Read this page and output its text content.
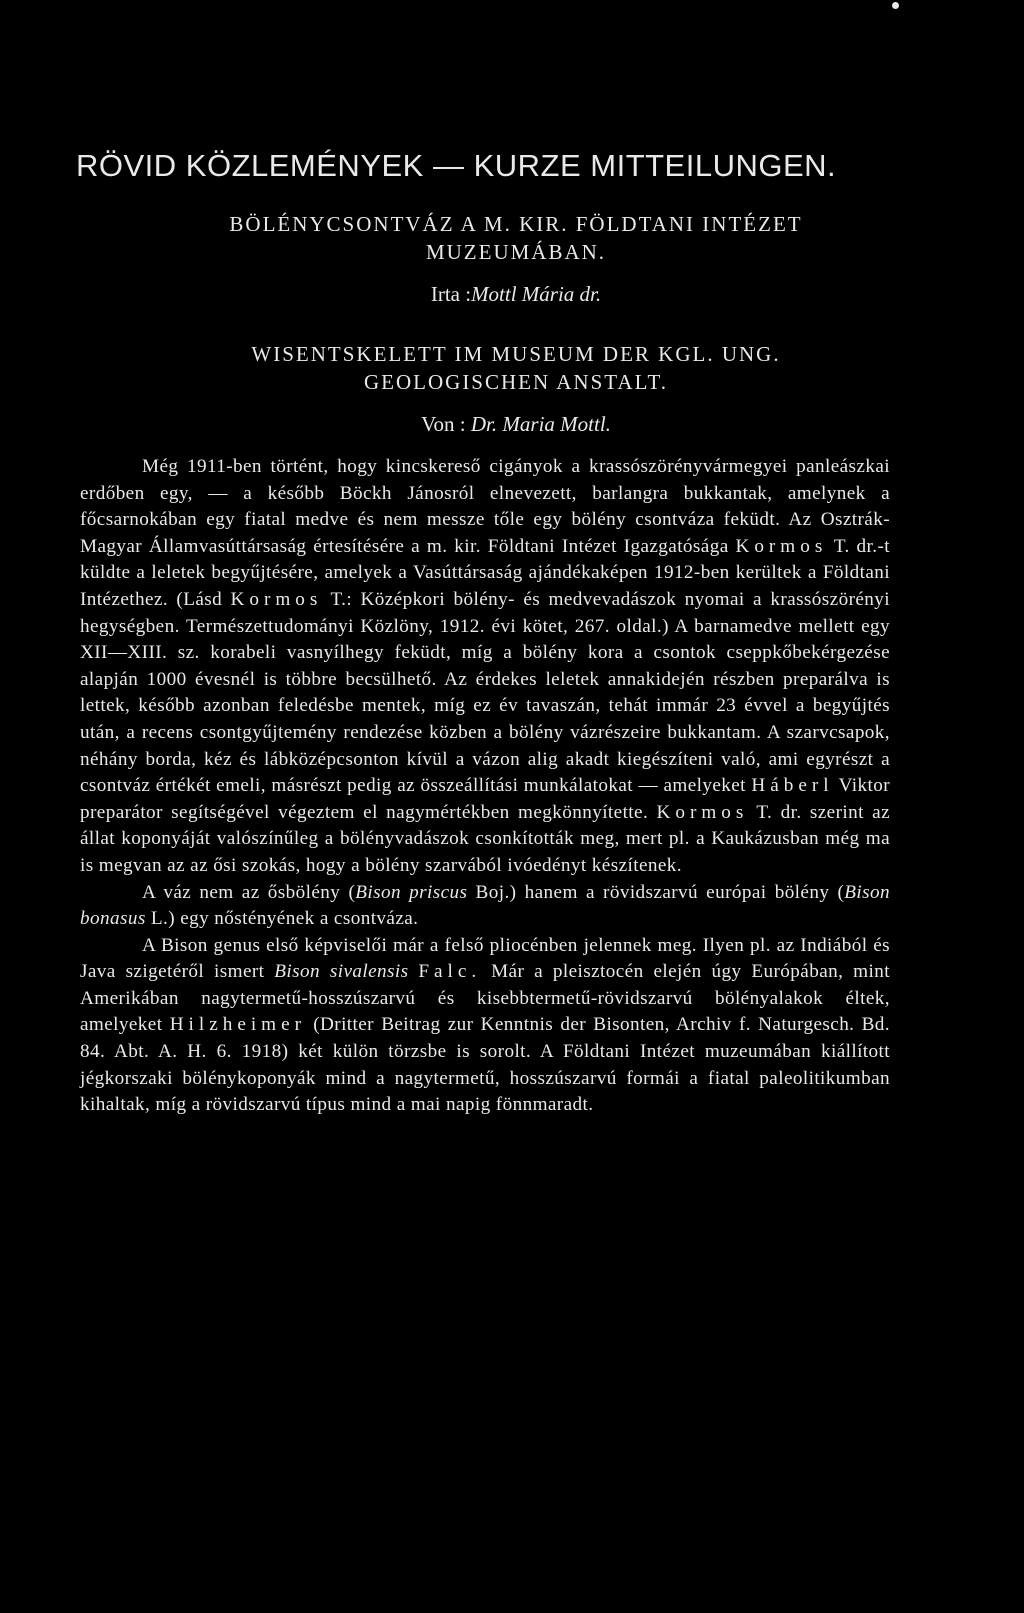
RÖVID KÖZLEMÉNYEK — KURZE MITTEILUNGEN.
BÖLÉNYCSONTVÁZ A M. KIR. FÖLDTANI INTÉZET
MUZEUMÁBAN.
Irta :Mottl Mária dr.
WISENTSKELETT IM MUSEUM DER KGL. UNG.
GEOLOGISCHEN ANSTALT.
Von : Dr. Maria Mottl.

Még 1911-ben történt, hogy kincskereső cigányok a krassószörényvármegyei panleászkai erdőben egy, — a később Böckh Jánosról elnevezett, barlangra bukkantak, amelynek a főcsarnokában egy fiatal medve és nem messze tőle egy bölény csontváza feküdt. Az Osztrák-Magyar Államvasúttársaság értesítésére a m. kir. Földtani Intézet Igazgatósága Kormos T. dr.-t küldte a leletek begyűjtésére, amelyek a Vasúttársaság ajándékaképen 1912-ben kerültek a Földtani Intézethez. (Lásd Kormos T.: Középkori bölény- és medvevadászok nyomai a krassószörényi hegységben. Természettudományi Közlöny, 1912. évi kötet, 267. oldal.) A barnamedve mellett egy XII—XIII. sz. korabeli vasnyílhegy feküdt, míg a bölény kora a csontok cseppkőbekérgezése alapján 1000 évesnél is többre becsülhető. Az érdekes leletek annakidején részben preparálva is lettek, később azonban feledésbe mentek, míg ez év tavaszán, tehát immár 23 évvel a begyűjtés után, a recens csontgyűjtemény rendezése közben a bölény vázrészeire bukkantam. A szarvcsapok, néhány borda, kéz és lábközépcsonton kívül a vázon alig akadt kiegészíteni való, ami egyrészt a csontváz értékét emeli, másrészt pedig az összeállítási munkálatokat — amelyeket Háberl Viktor preparátor segítségével végeztem el nagymértékben megkönnyítette. Kormos T. dr. szerint az állat koponyáját valószínűleg a bölényvadászok csonkították meg, mert pl. a Kaukázusban még ma is megvan az az ősi szokás, hogy a bölény szarvából ivóedényt készítenek.

A váz nem az ősbölény (Bison priscus Boj.) hanem a rövidszarvú európai bölény (Bison bonasus L.) egy nőstényének a csontváza.

A Bison genus első képviselői már a felső pliocénben jelennek meg. Ilyen pl. az Indiából és Java szigetéről ismert Bison sivalensis Falc. Már a pleisztocén elején úgy Európában, mint Amerikában nagytermetű-hosszúszarvú és kisebbtermetű-rövidszarvú bölényalakok éltek, amelyeket Hilzheimer (Dritter Beitrag zur Kenntnis der Bisonten, Archiv f. Naturgesch. Bd. 84. Abt. A. H. 6. 1918) két külön törzsbe is sorolt. A Földtani Intézet muzeumában kiállított jégkorszaki bölénykoponyák mind a nagytermetű, hosszúszarvú formái a fiatal paleolitikumban kihaltak, míg a rövidszarvú típus mind a mai napig fönnmaradt.
